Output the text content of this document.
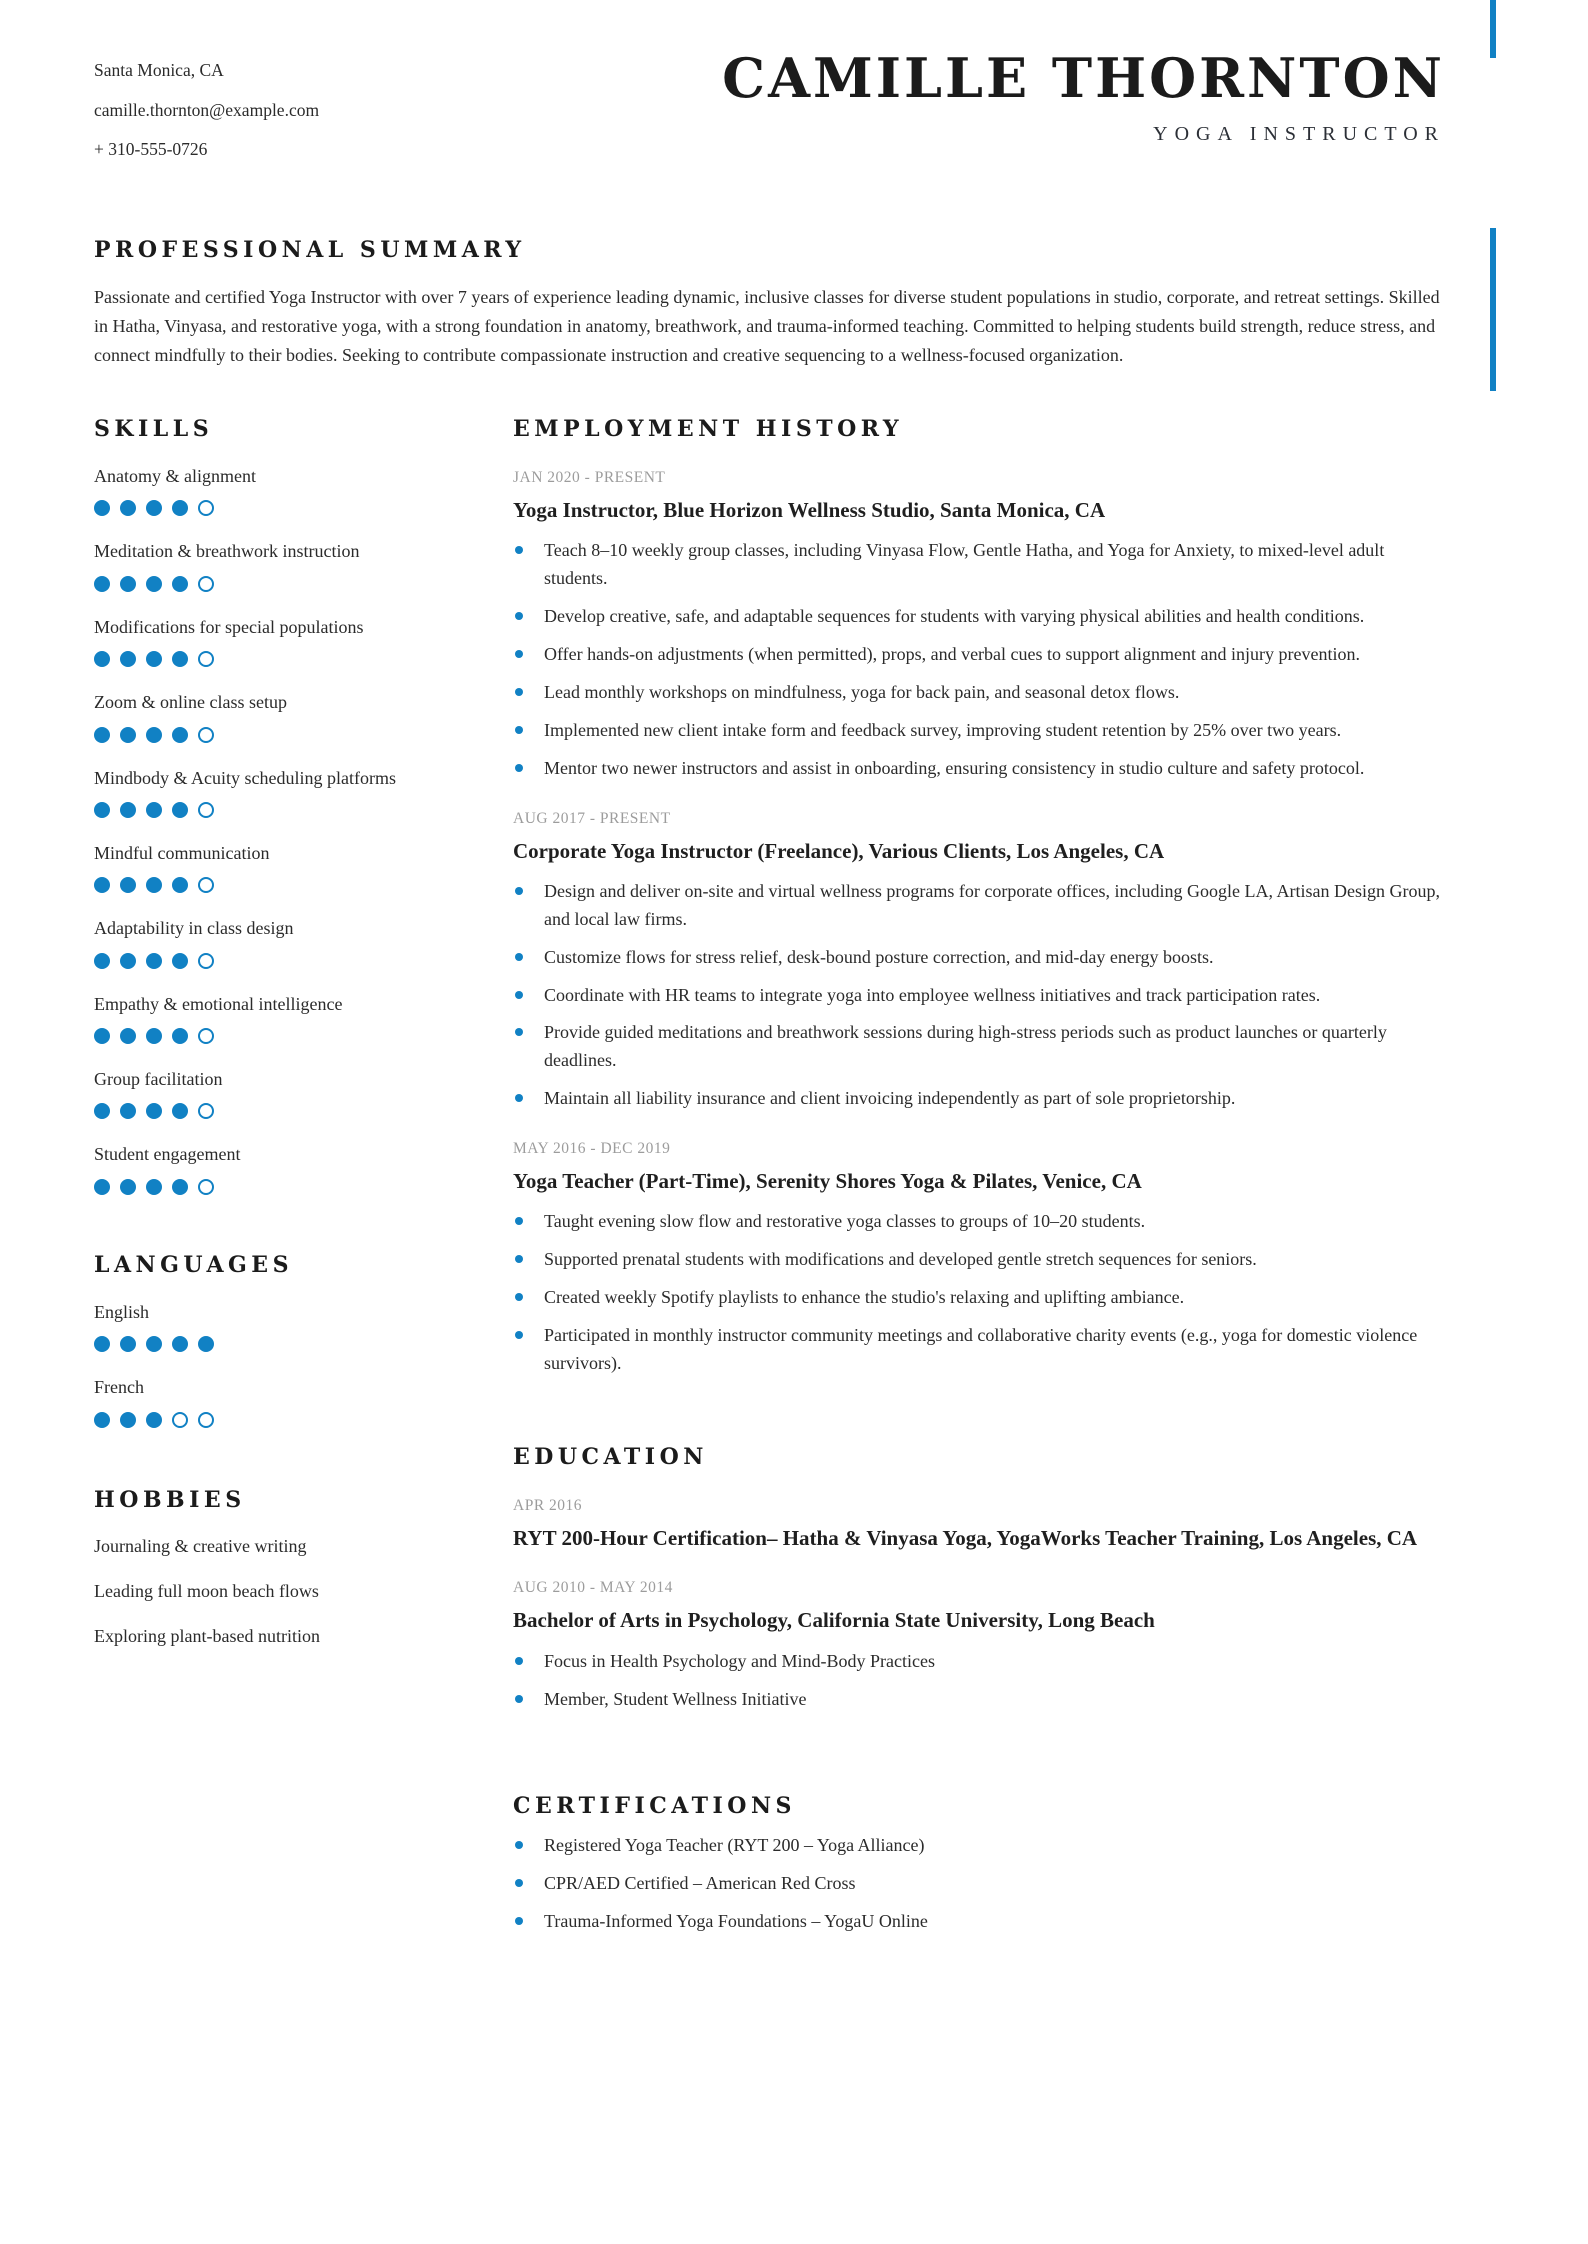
Santa Monica, CA
camille.thornton@example.com
+ 310-555-0726
CAMILLE THORNTON
YOGA INSTRUCTOR
PROFESSIONAL SUMMARY

Passionate and certified Yoga Instructor with over 7 years of experience leading dynamic, inclusive classes for diverse student populations in studio, corporate, and retreat settings. Skilled in Hatha, Vinyasa, and restorative yoga, with a strong foundation in anatomy, breathwork, and trauma-informed teaching. Committed to helping students build strength, reduce stress, and connect mindfully to their bodies. Seeking to contribute compassionate instruction and creative sequencing to a wellness-focused organization.

SKILLS
Anatomy & alignment
Meditation & breathwork instruction
Modifications for special populations
Zoom & online class setup
Mindbody & Acuity scheduling platforms
Mindful communication
Adaptability in class design
Empathy & emotional intelligence
Group facilitation
Student engagement
LANGUAGES
English
French
HOBBIES
Journaling & creative writing
Leading full moon beach flows
Exploring plant-based nutrition
EMPLOYMENT HISTORY
JAN 2020 - PRESENT
Yoga Instructor, Blue Horizon Wellness Studio, Santa Monica, CA
Teach 8–10 weekly group classes, including Vinyasa Flow, Gentle Hatha, and Yoga for Anxiety, to mixed-level adult students.
Develop creative, safe, and adaptable sequences for students with varying physical abilities and health conditions.
Offer hands-on adjustments (when permitted), props, and verbal cues to support alignment and injury prevention.
Lead monthly workshops on mindfulness, yoga for back pain, and seasonal detox flows.
Implemented new client intake form and feedback survey, improving student retention by 25% over two years.
Mentor two newer instructors and assist in onboarding, ensuring consistency in studio culture and safety protocol.
AUG 2017 - PRESENT
Corporate Yoga Instructor (Freelance), Various Clients, Los Angeles, CA
Design and deliver on-site and virtual wellness programs for corporate offices, including Google LA, Artisan Design Group, and local law firms.
Customize flows for stress relief, desk-bound posture correction, and mid-day energy boosts.
Coordinate with HR teams to integrate yoga into employee wellness initiatives and track participation rates.
Provide guided meditations and breathwork sessions during high-stress periods such as product launches or quarterly deadlines.
Maintain all liability insurance and client invoicing independently as part of sole proprietorship.
MAY 2016 - DEC 2019
Yoga Teacher (Part-Time), Serenity Shores Yoga & Pilates, Venice, CA
Taught evening slow flow and restorative yoga classes to groups of 10–20 students.
Supported prenatal students with modifications and developed gentle stretch sequences for seniors.
Created weekly Spotify playlists to enhance the studio's relaxing and uplifting ambiance.
Participated in monthly instructor community meetings and collaborative charity events (e.g., yoga for domestic violence survivors).
EDUCATION
APR 2016
RYT 200-Hour Certification– Hatha & Vinyasa Yoga, YogaWorks Teacher Training, Los Angeles, CA
AUG 2010 - MAY 2014
Bachelor of Arts in Psychology, California State University, Long Beach
Focus in Health Psychology and Mind-Body Practices
Member, Student Wellness Initiative
CERTIFICATIONS
Registered Yoga Teacher (RYT 200 – Yoga Alliance)
CPR/AED Certified – American Red Cross
Trauma-Informed Yoga Foundations – YogaU Online
